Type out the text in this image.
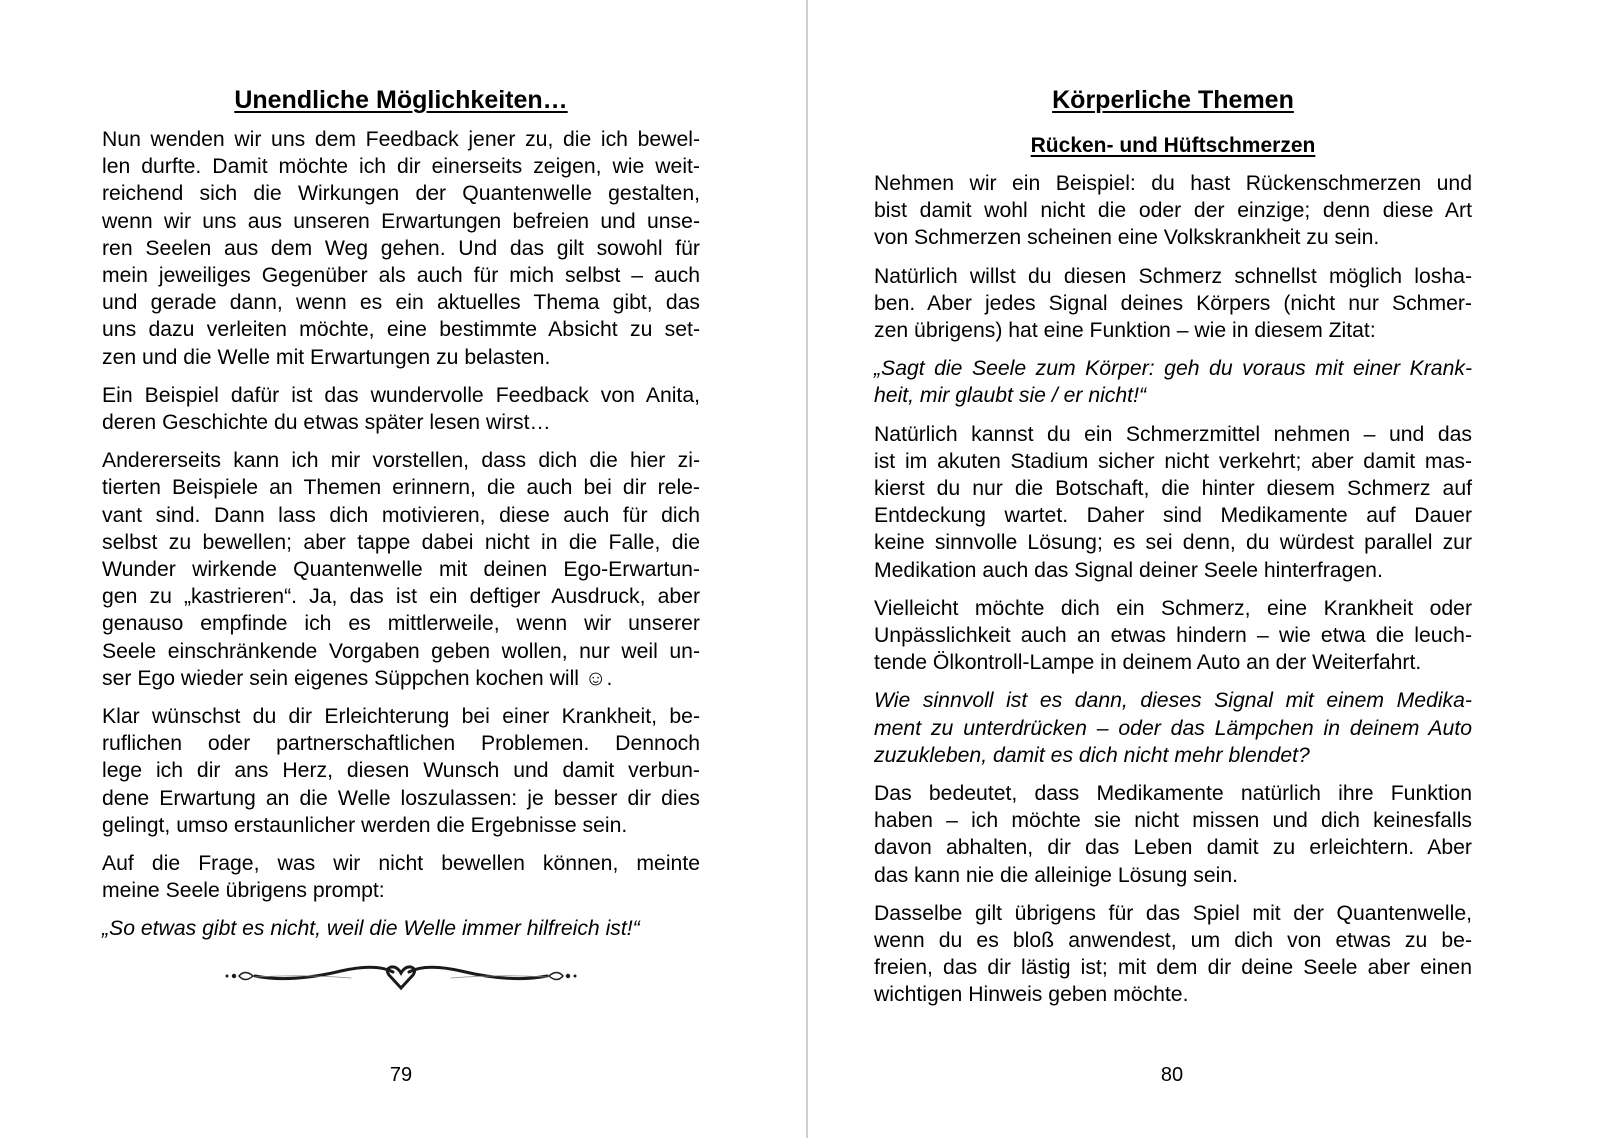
Unendliche Möglichkeiten…

Nun wenden wir uns dem Feedback jener zu, die ich bewel-
len durfte. Damit möchte ich dir einerseits zeigen, wie weit-
reichend sich die Wirkungen der Quantenwelle gestalten,
wenn wir uns aus unseren Erwartungen befreien und unse-
ren Seelen aus dem Weg gehen. Und das gilt sowohl für
mein jeweiliges Gegenüber als auch für mich selbst – auch
und gerade dann, wenn es ein aktuelles Thema gibt, das
uns dazu verleiten möchte, eine bestimmte Absicht zu set-
zen und die Welle mit Erwartungen zu belasten.

Ein Beispiel dafür ist das wundervolle Feedback von Anita,
deren Geschichte du etwas später lesen wirst…

Andererseits kann ich mir vorstellen, dass dich die hier zi-
tierten Beispiele an Themen erinnern, die auch bei dir rele-
vant sind. Dann lass dich motivieren, diese auch für dich
selbst zu bewellen; aber tappe dabei nicht in die Falle, die
Wunder wirkende Quantenwelle mit deinen Ego-Erwartun-
gen zu „kastrieren“. Ja, das ist ein deftiger Ausdruck, aber
genauso empfinde ich es mittlerweile, wenn wir unserer
Seele einschränkende Vorgaben geben wollen, nur weil un-
ser Ego wieder sein eigenes Süppchen kochen will ☺.

Klar wünschst du dir Erleichterung bei einer Krankheit, be-
ruflichen oder partnerschaftlichen Problemen. Dennoch
lege ich dir ans Herz, diesen Wunsch und damit verbun-
dene Erwartung an die Welle loszulassen: je besser dir dies
gelingt, umso erstaunlicher werden die Ergebnisse sein.

Auf die Frage, was wir nicht bewellen können, meinte
meine Seele übrigens prompt:

„So etwas gibt es nicht, weil die Welle immer hilfreich ist!“

79
Körperliche Themen
Rücken- und Hüftschmerzen

Nehmen wir ein Beispiel: du hast Rückenschmerzen und
bist damit wohl nicht die oder der einzige; denn diese Art
von Schmerzen scheinen eine Volkskrankheit zu sein.

Natürlich willst du diesen Schmerz schnellst möglich losha-
ben. Aber jedes Signal deines Körpers (nicht nur Schmer-
zen übrigens) hat eine Funktion – wie in diesem Zitat:

„Sagt die Seele zum Körper: geh du voraus mit einer Krank-
heit, mir glaubt sie / er nicht!“

Natürlich kannst du ein Schmerzmittel nehmen – und das
ist im akuten Stadium sicher nicht verkehrt; aber damit mas-
kierst du nur die Botschaft, die hinter diesem Schmerz auf
Entdeckung wartet. Daher sind Medikamente auf Dauer
keine sinnvolle Lösung; es sei denn, du würdest parallel zur
Medikation auch das Signal deiner Seele hinterfragen.

Vielleicht möchte dich ein Schmerz, eine Krankheit oder
Unpässlichkeit auch an etwas hindern – wie etwa die leuch-
tende Ölkontroll-Lampe in deinem Auto an der Weiterfahrt.

Wie sinnvoll ist es dann, dieses Signal mit einem Medika-
ment zu unterdrücken – oder das Lämpchen in deinem Auto
zuzukleben, damit es dich nicht mehr blendet?

Das bedeutet, dass Medikamente natürlich ihre Funktion
haben – ich möchte sie nicht missen und dich keinesfalls
davon abhalten, dir das Leben damit zu erleichtern. Aber
das kann nie die alleinige Lösung sein.

Dasselbe gilt übrigens für das Spiel mit der Quantenwelle,
wenn du es bloß anwendest, um dich von etwas zu be-
freien, das dir lästig ist; mit dem dir deine Seele aber einen
wichtigen Hinweis geben möchte.

80
